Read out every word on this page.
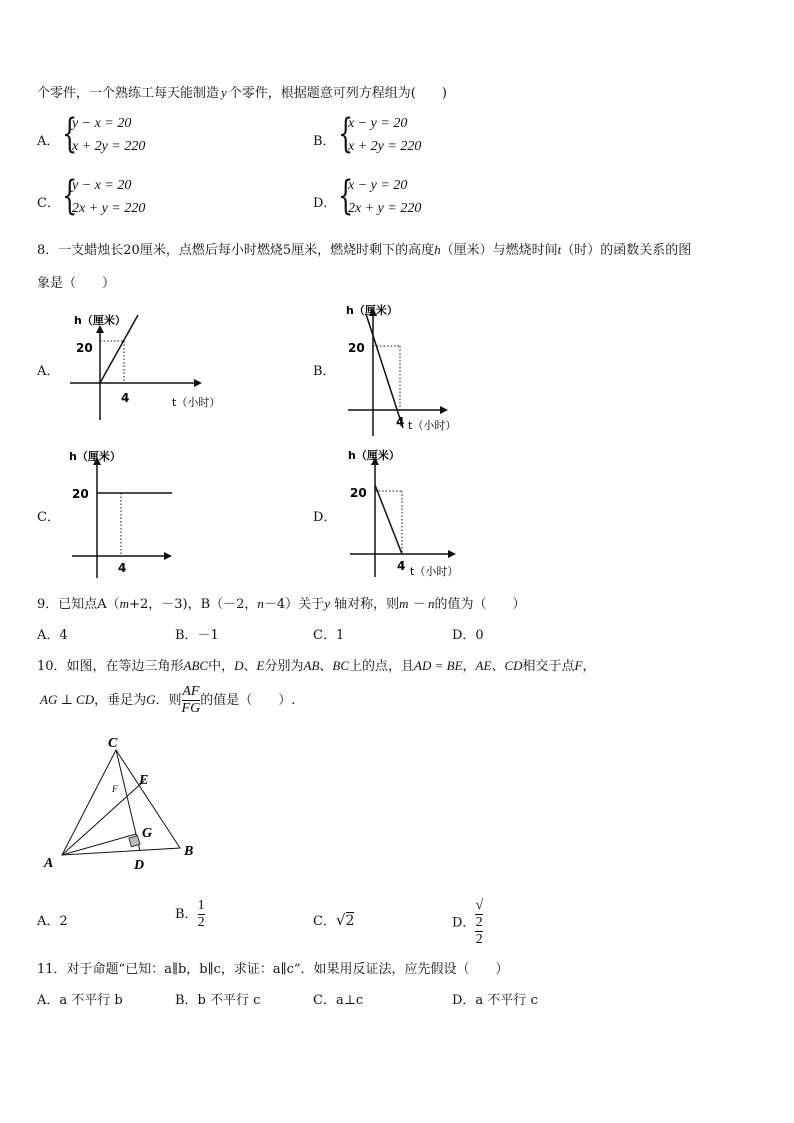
个零件，一个熟练工每天能制造 y 个零件，根据题意可列方程组为(　　)
A． {
y − x = 20
x + 2y = 220	B． {
x − y = 20
x + 2y = 220
C． {
y − x = 20
2x + y = 220	D． {
x − y = 20
2x + y = 220
8．一支蜡烛长20厘米，点燃后每小时燃烧5厘米，燃烧时剩下的高度h（厘米）与燃烧时间t（时）的函数关系的图
象是（　　）
A．
h（厘米）
20
4	t（小时）
B．
h（厘米）
20
4 t（小时）
C．
h（厘米）
20
4
D．
h（厘米）
20
4 t（小时）
9．已知点A（m+2，－3)，B（－2，n－4）关于y 轴对称，则m － n的值为（　　）
A．4	B．－1	C．1	D．0
10．如图，在等边三角形ABC中，D、E分别为AB、BC上的点，且AD = BE，AE、CD相交于点F，
AG ⊥ CD，垂足为G．则 $\frac{AF}{FG}$ 的值是（　　）.
C
E
F
G
A	D
B
A．2	B． $\frac{1}{2}$	C．√2	D． √
2
2
11．对于命题“已知：a∥b，b∥c，求证：a∥c”．如果用反证法，应先假设（　　）
A．a 不平行 b	B．b 不平行 c	C．a⊥c	D．a 不平行 c
